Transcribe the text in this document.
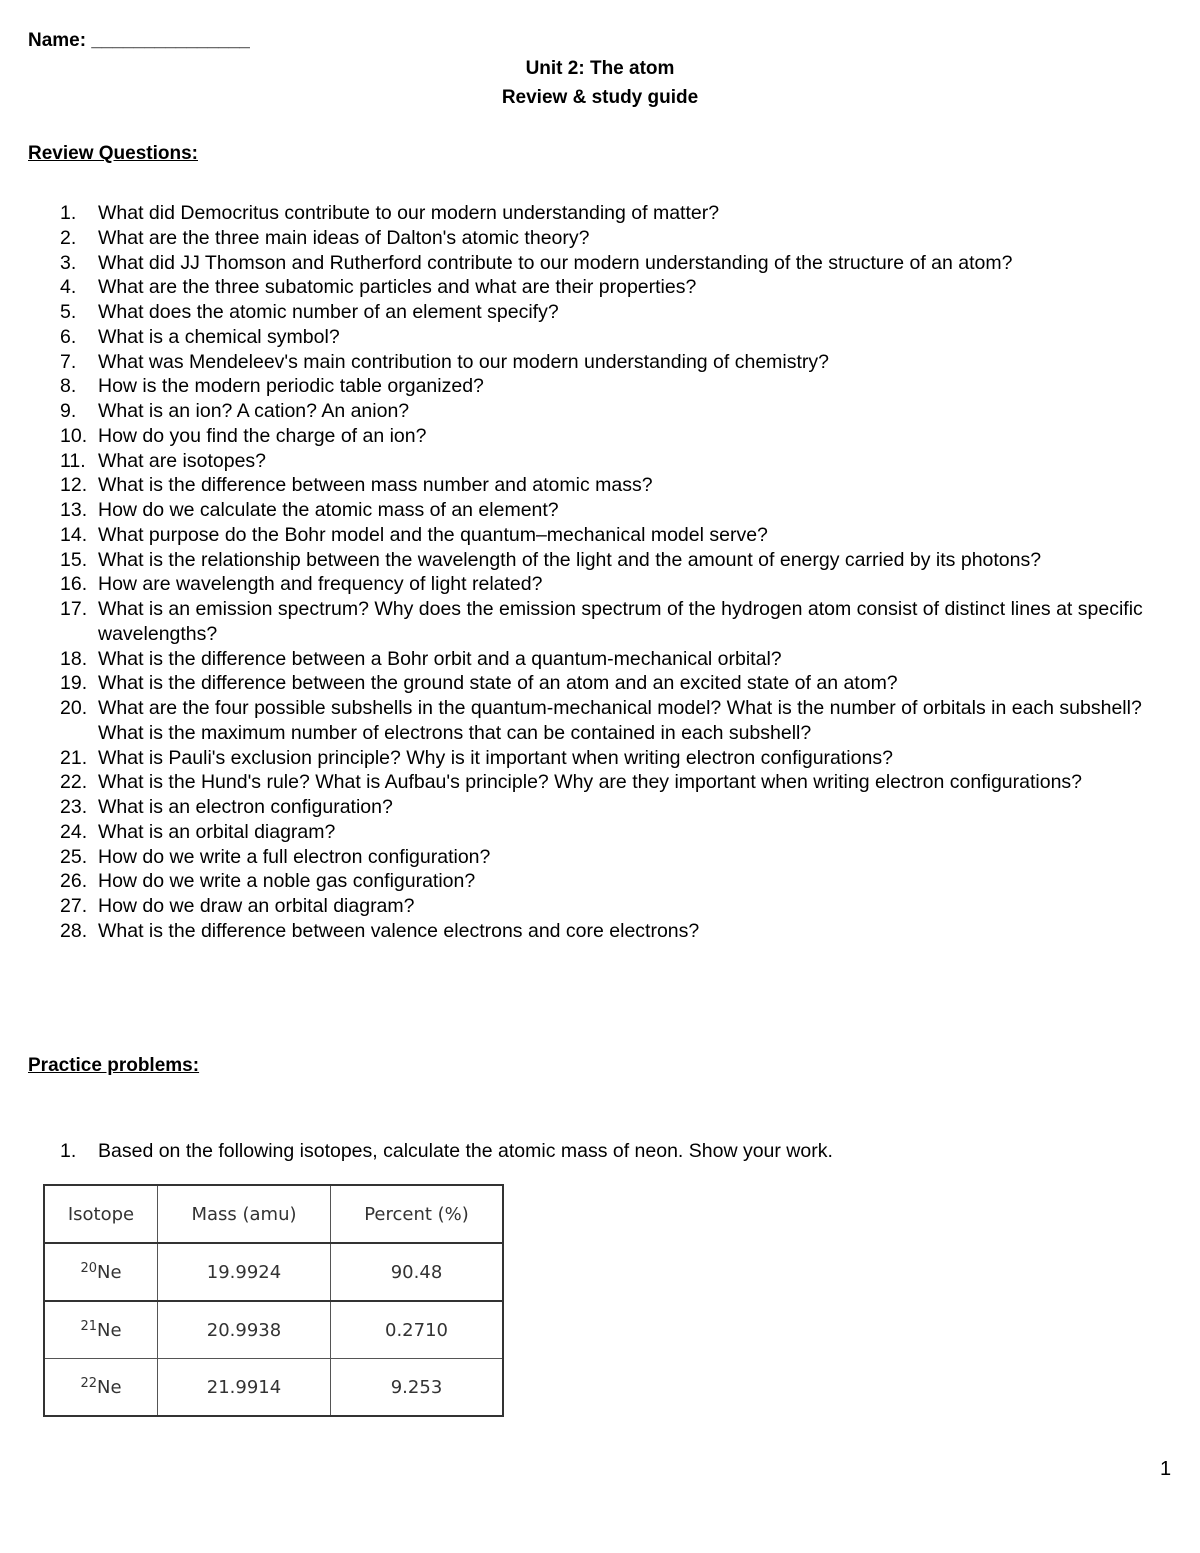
Name: _______________
Unit 2: The atom
Review & study guide
Review Questions:
1.	What did Democritus contribute to our modern understanding of matter?
2.	What are the three main ideas of Dalton's atomic theory?
3.	What did JJ Thomson and Rutherford contribute to our modern understanding of the structure of an atom?
4.	What are the three subatomic particles and what are their properties?
5.	What does the atomic number of an element specify?
6.	What is a chemical symbol?
7.	What was Mendeleev's main contribution to our modern understanding of chemistry?
8.	How is the modern periodic table organized?
9.	What is an ion? A cation? An anion?
10. How do you find the charge of an ion?
11. What are isotopes?
12. What is the difference between mass number and atomic mass?
13. How do we calculate the atomic mass of an element?
14. What purpose do the Bohr model and the quantum–mechanical model serve?
15. What is the relationship between the wavelength of the light and the amount of energy carried by its photons?
16. How are wavelength and frequency of light related?
17. What is an emission spectrum? Why does the emission spectrum of the hydrogen atom consist of distinct lines at specific wavelengths?
18. What is the difference between a Bohr orbit and a quantum-mechanical orbital?
19. What is the difference between the ground state of an atom and an excited state of an atom?
20. What are the four possible subshells in the quantum-mechanical model? What is the number of orbitals in each subshell? What is the maximum number of electrons that can be contained in each subshell?
21. What is Pauli's exclusion principle? Why is it important when writing electron configurations?
22. What is the Hund's rule? What is Aufbau's principle? Why are they important when writing electron configurations?
23. What is an electron configuration?
24. What is an orbital diagram?
25. How do we write a full electron configuration?
26. How do we write a noble gas configuration?
27. How do we draw an orbital diagram?
28. What is the difference between valence electrons and core electrons?
Practice problems:
1.	Based on the following isotopes, calculate the atomic mass of neon. Show your work.
Isotope	Mass (amu)	Percent (%)
$^{20}$Ne	19.9924	90.48
$^{21}$Ne	20.9938	0.2710
$^{22}$Ne	21.9914	9.253
1
